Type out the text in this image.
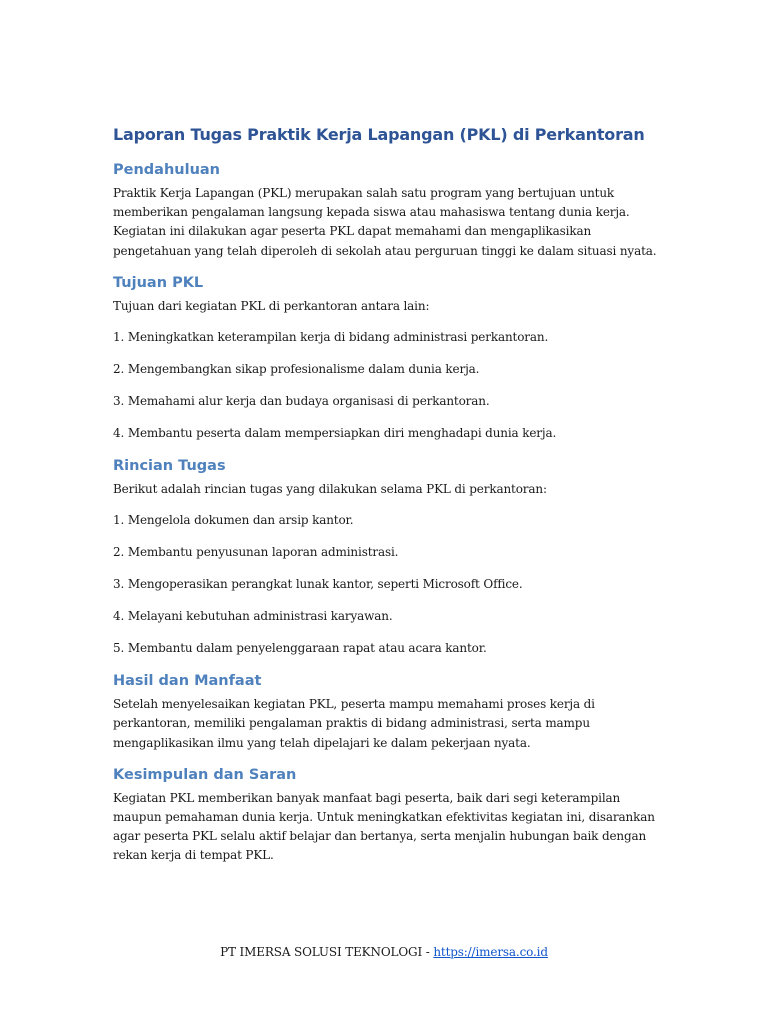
Laporan Tugas Praktik Kerja Lapangan (PKL) di Perkantoran
Pendahuluan

Praktik Kerja Lapangan (PKL) merupakan salah satu program yang bertujuan untuk memberikan pengalaman langsung kepada siswa atau mahasiswa tentang dunia kerja. Kegiatan ini dilakukan agar peserta PKL dapat memahami dan mengaplikasikan pengetahuan yang telah diperoleh di sekolah atau perguruan tinggi ke dalam situasi nyata.

Tujuan PKL

Tujuan dari kegiatan PKL di perkantoran antara lain:

1. Meningkatkan keterampilan kerja di bidang administrasi perkantoran.

2. Mengembangkan sikap profesionalisme dalam dunia kerja.

3. Memahami alur kerja dan budaya organisasi di perkantoran.

4. Membantu peserta dalam mempersiapkan diri menghadapi dunia kerja.

Rincian Tugas

Berikut adalah rincian tugas yang dilakukan selama PKL di perkantoran:

1. Mengelola dokumen dan arsip kantor.

2. Membantu penyusunan laporan administrasi.

3. Mengoperasikan perangkat lunak kantor, seperti Microsoft Office.

4. Melayani kebutuhan administrasi karyawan.

5. Membantu dalam penyelenggaraan rapat atau acara kantor.

Hasil dan Manfaat

Setelah menyelesaikan kegiatan PKL, peserta mampu memahami proses kerja di perkantoran, memiliki pengalaman praktis di bidang administrasi, serta mampu mengaplikasikan ilmu yang telah dipelajari ke dalam pekerjaan nyata.

Kesimpulan dan Saran

Kegiatan PKL memberikan banyak manfaat bagi peserta, baik dari segi keterampilan maupun pemahaman dunia kerja. Untuk meningkatkan efektivitas kegiatan ini, disarankan agar peserta PKL selalu aktif belajar dan bertanya, serta menjalin hubungan baik dengan rekan kerja di tempat PKL.

PT IMERSA SOLUSI TEKNOLOGI - https://imersa.co.id
